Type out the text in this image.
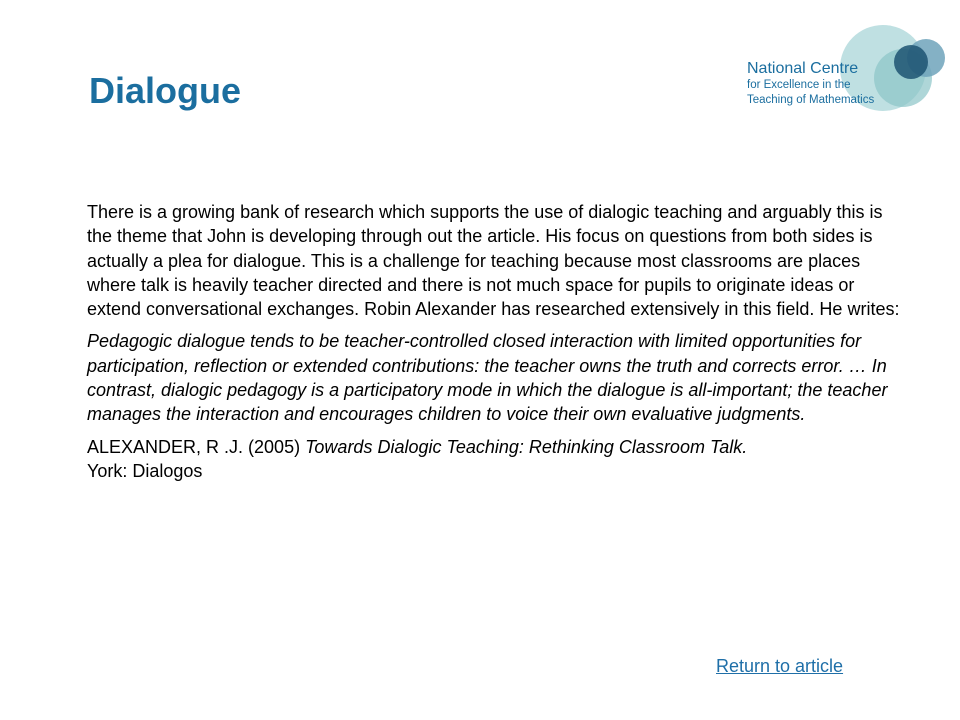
Dialogue
National Centre
for Excellence in the
Teaching of Mathematics

There is a growing bank of research which supports the use of dialogic teaching and arguably this is the theme that John is developing through out the article. His focus on questions from both sides is actually a plea for dialogue. This is a challenge for teaching because most classrooms are places where talk is heavily teacher directed and there is not much space for pupils to originate ideas or extend conversational exchanges. Robin Alexander has researched extensively in this field. He writes:

Pedagogic dialogue tends to be teacher-controlled closed interaction with limited opportunities for participation, reflection or extended contributions: the teacher owns the truth and corrects error. … In contrast, dialogic pedagogy is a participatory mode in which the dialogue is all-important; the teacher manages the interaction and encourages children to voice their own evaluative judgments.

ALEXANDER, R .J. (2005) Towards Dialogic Teaching: Rethinking Classroom Talk.
York: Dialogos

Return to article
